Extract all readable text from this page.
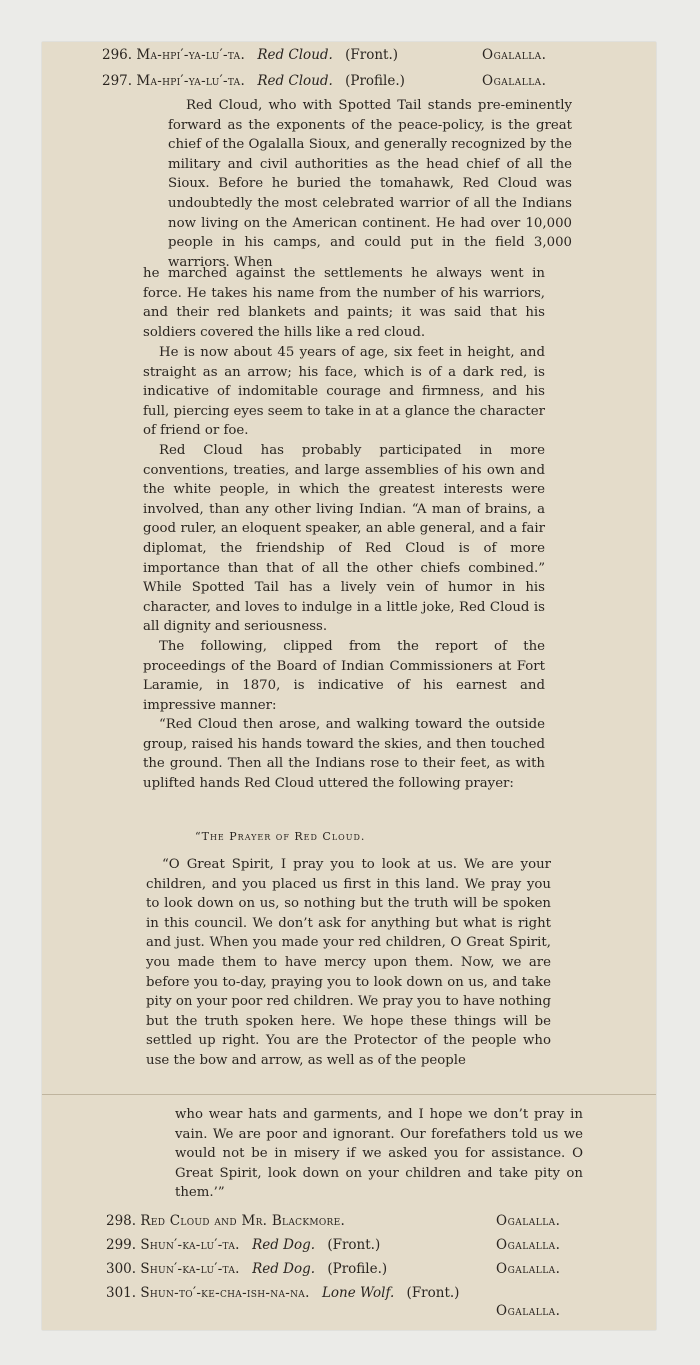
296. Ma-hpi′-ya-lu′-ta. Red Cloud. (Front.)	Ogalalla.
297. Ma-hpi′-ya-lu′-ta. Red Cloud. (Profile.)	Ogalalla.

Red Cloud, who with Spotted Tail stands pre-eminently forward as the exponents of the peace-policy, is the great chief of the Ogalalla Sioux, and generally recognized by the military and civil authorities as the head chief of all the Sioux. Before he buried the tomahawk, Red Cloud was undoubtedly the most celebrated warrior of all the Indians now living on the American continent. He had over 10,000 people in his camps, and could put in the field 3,000 warriors. When

he marched against the settlements he always went in force. He takes his name from the number of his warriors, and their red blankets and paints; it was said that his soldiers covered the hills like a red cloud.

He is now about 45 years of age, six feet in height, and straight as an arrow; his face, which is of a dark red, is indicative of indomitable courage and firmness, and his full, piercing eyes seem to take in at a glance the character of friend or foe.

Red Cloud has probably participated in more conventions, treaties, and large assemblies of his own and the white people, in which the greatest interests were involved, than any other living Indian. “A man of brains, a good ruler, an eloquent speaker, an able general, and a fair diplomat, the friendship of Red Cloud is of more importance than that of all the other chiefs combined.” While Spotted Tail has a lively vein of humor in his character, and loves to indulge in a little joke, Red Cloud is all dignity and seriousness.

The following, clipped from the report of the proceedings of the Board of Indian Commissioners at Fort Laramie, in 1870, is indicative of his earnest and impressive manner:

“Red Cloud then arose, and walking toward the outside group, raised his hands toward the skies, and then touched the ground. Then all the Indians rose to their feet, as with uplifted hands Red Cloud uttered the following prayer:

“The Prayer of Red Cloud.

“O Great Spirit, I pray you to look at us. We are your children, and you placed us first in this land. We pray you to look down on us, so nothing but the truth will be spoken in this council. We don’t ask for anything but what is right and just. When you made your red children, O Great Spirit, you made them to have mercy upon them. Now, we are before you to-day, praying you to look down on us, and take pity on your poor red children. We pray you to have nothing but the truth spoken here. We hope these things will be settled up right. You are the Protector of the people who use the bow and arrow, as well as of the people

who wear hats and garments, and I hope we don’t pray in vain. We are poor and ignorant. Our forefathers told us we would not be in misery if we asked you for assistance. O Great Spirit, look down on your children and take pity on them.’”

298. Red Cloud and Mr. Blackmore.	Ogalalla.
299. Shun′-ka-lu′-ta. Red Dog. (Front.)	Ogalalla.
300. Shun′-ka-lu′-ta. Red Dog. (Profile.)	Ogalalla.
301. Shun-to′-ke-cha-ish-na-na. Lone Wolf. (Front.)
Ogalalla.
